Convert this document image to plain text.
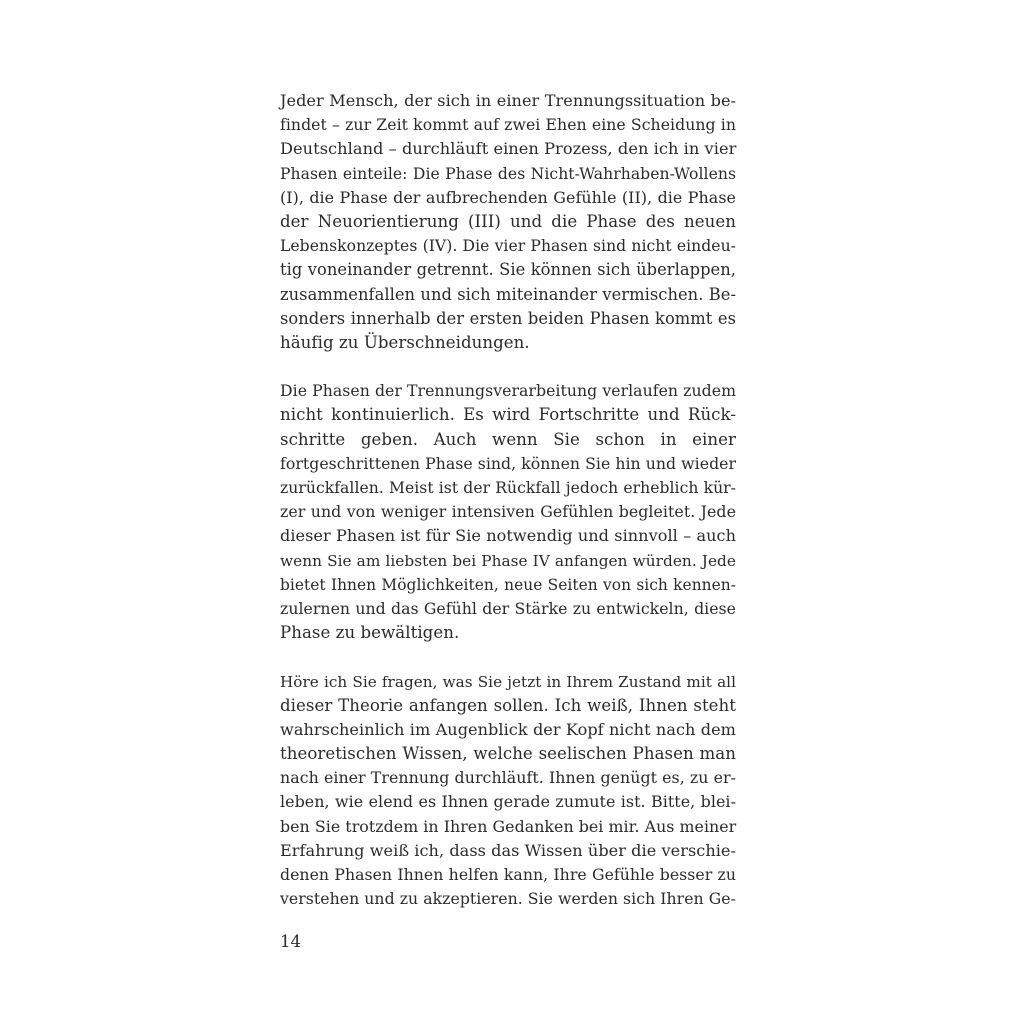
Jeder Mensch, der sich in einer Trennungssituation be-
findet – zur Zeit kommt auf zwei Ehen eine Scheidung in
Deutschland – durchläuft einen Prozess, den ich in vier
Phasen einteile: Die Phase des Nicht-Wahrhaben-Wollens
(I), die Phase der aufbrechenden Gefühle (II), die Phase
der Neuorientierung (III) und die Phase des neuen
Lebenskonzeptes (IV). Die vier Phasen sind nicht eindeu-
tig voneinander getrennt. Sie können sich überlappen,
zusammenfallen und sich miteinander vermischen. Be-
sonders innerhalb der ersten beiden Phasen kommt es
häufig zu Überschneidungen.
Die Phasen der Trennungsverarbeitung verlaufen zudem
nicht kontinuierlich. Es wird Fortschritte und Rück-
schritte geben. Auch wenn Sie schon in einer
fortgeschrittenen Phase sind, können Sie hin und wieder
zurückfallen. Meist ist der Rückfall jedoch erheblich kür-
zer und von weniger intensiven Gefühlen begleitet. Jede
dieser Phasen ist für Sie notwendig und sinnvoll – auch
wenn Sie am liebsten bei Phase IV anfangen würden. Jede
bietet Ihnen Möglichkeiten, neue Seiten von sich kennen-
zulernen und das Gefühl der Stärke zu entwickeln, diese
Phase zu bewältigen.
Höre ich Sie fragen, was Sie jetzt in Ihrem Zustand mit all
dieser Theorie anfangen sollen. Ich weiß, Ihnen steht
wahrscheinlich im Augenblick der Kopf nicht nach dem
theoretischen Wissen, welche seelischen Phasen man
nach einer Trennung durchläuft. Ihnen genügt es, zu er-
leben, wie elend es Ihnen gerade zumute ist. Bitte, blei-
ben Sie trotzdem in Ihren Gedanken bei mir. Aus meiner
Erfahrung weiß ich, dass das Wissen über die verschie-
denen Phasen Ihnen helfen kann, Ihre Gefühle besser zu
verstehen und zu akzeptieren. Sie werden sich Ihren Ge-
14
